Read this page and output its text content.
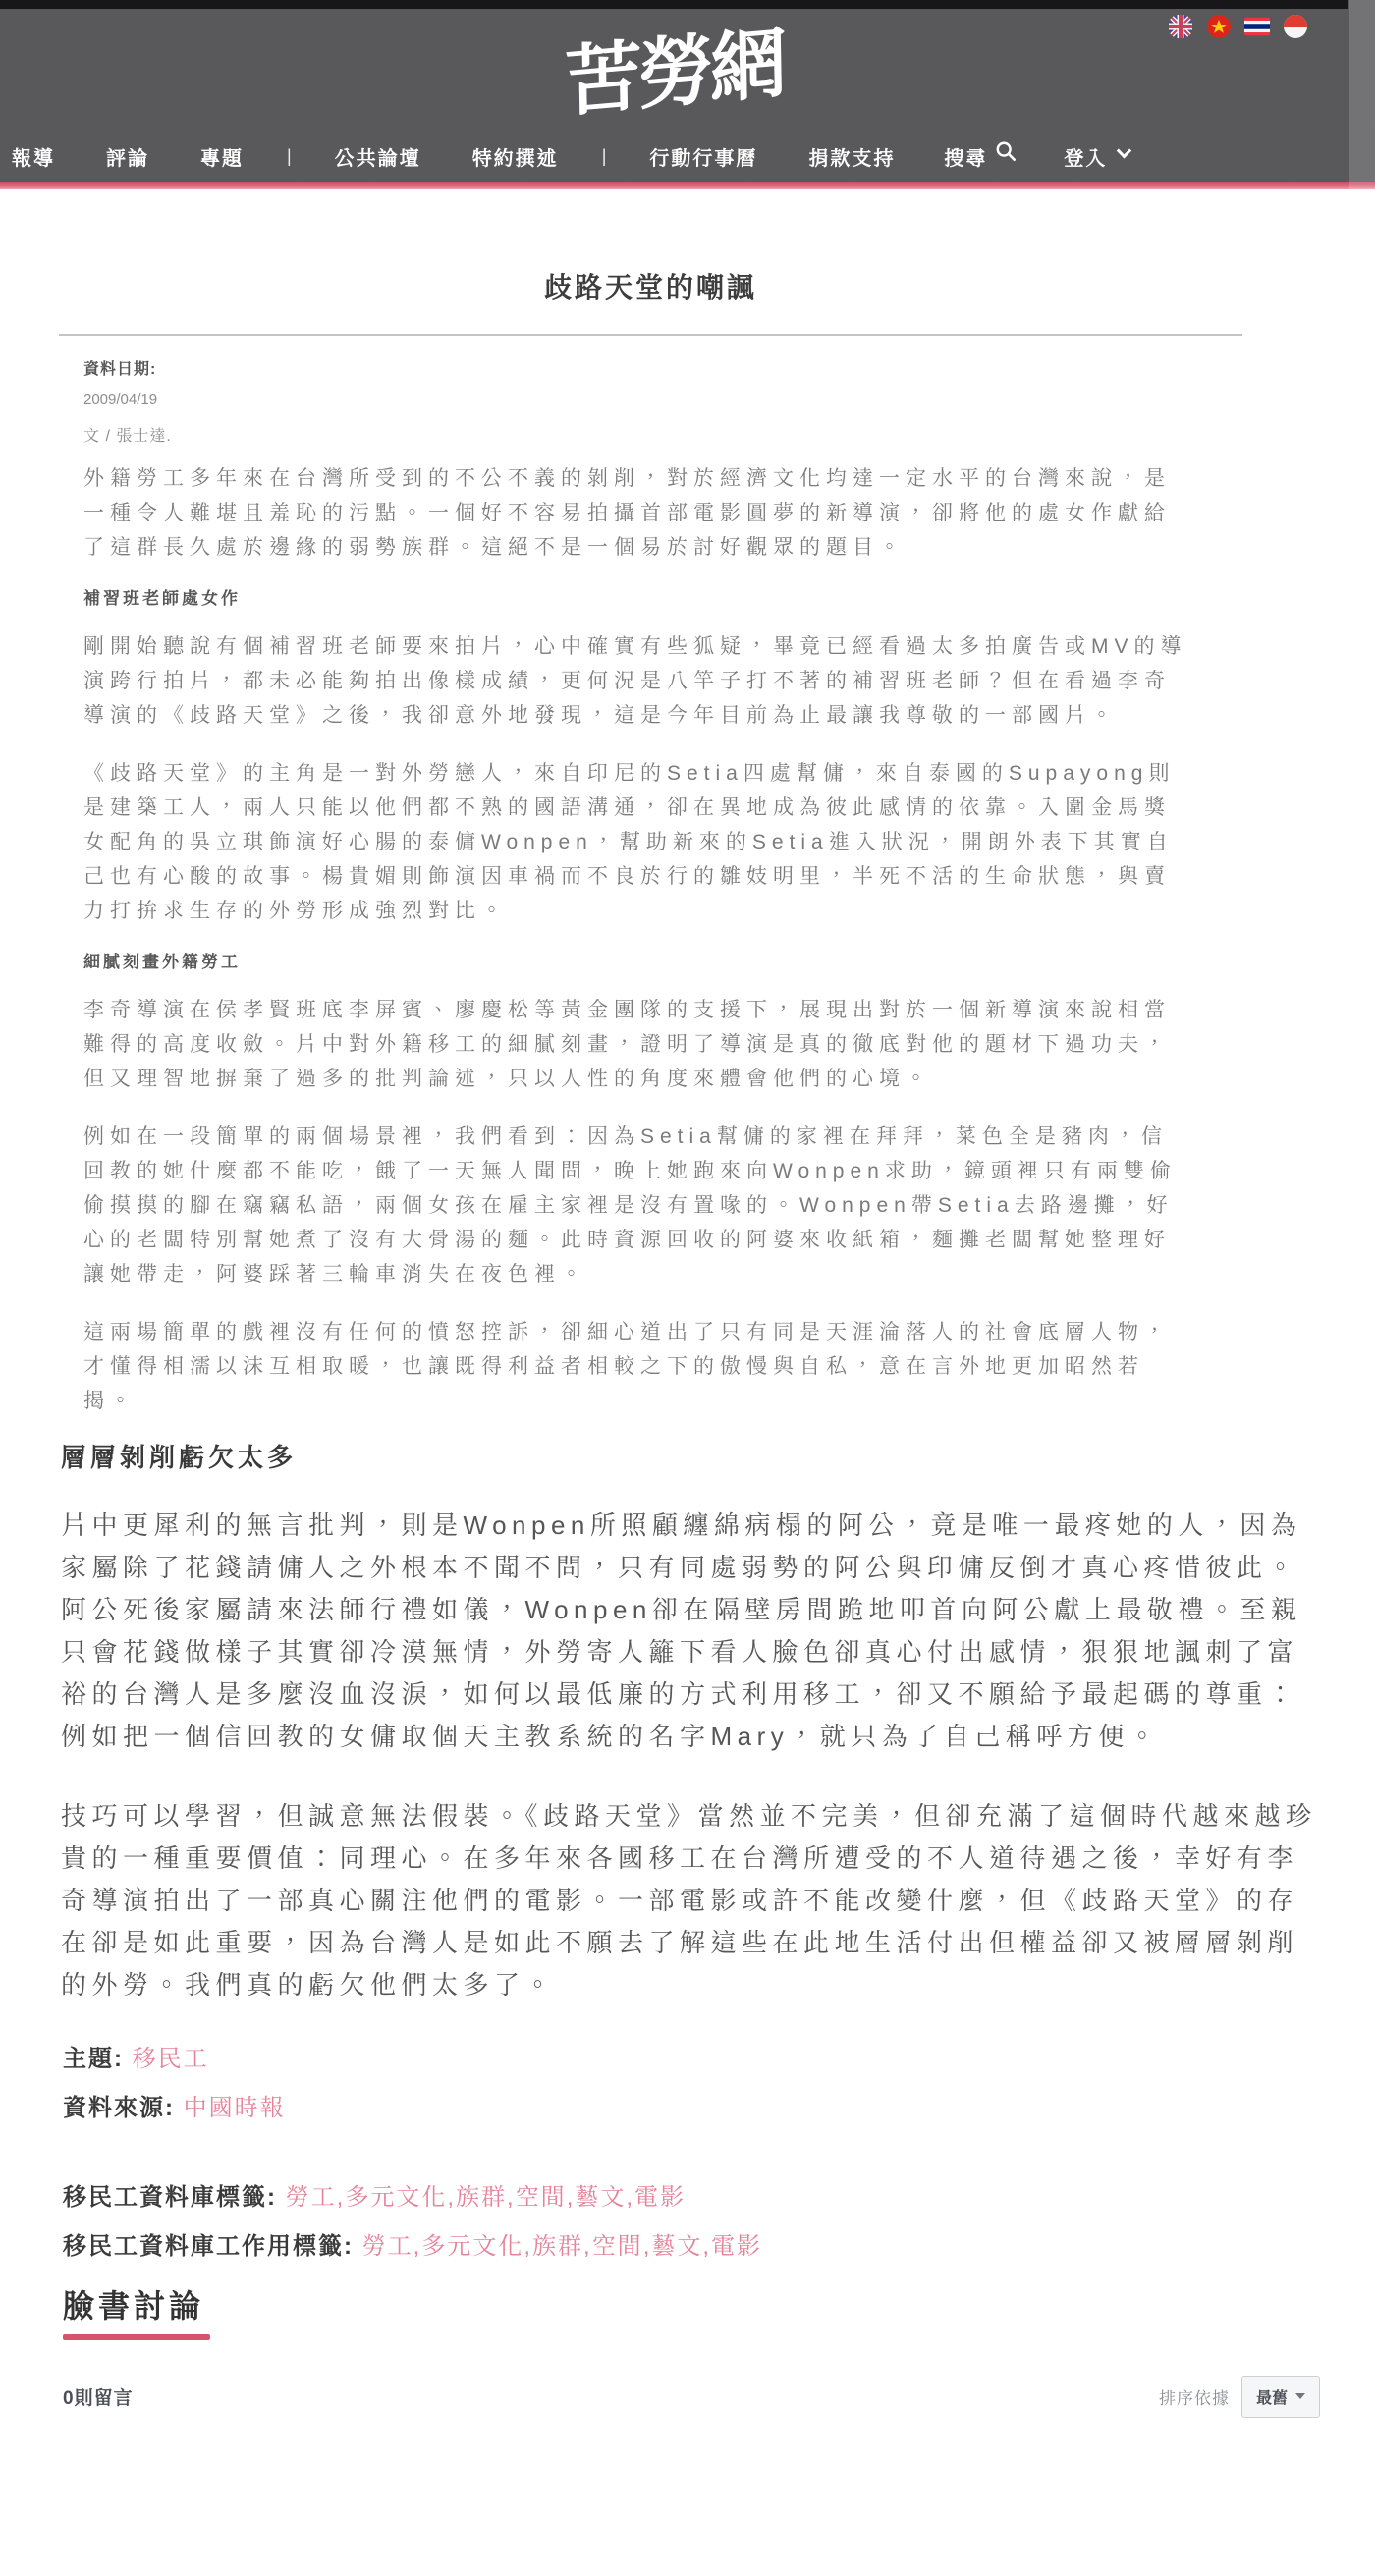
苦勞網
報導	評論	專題	|	公共論壇	特約撰述	|	行動行事曆	捐款支持	搜尋	登入
歧路天堂的嘲諷
資料日期:
2009/04/19
文 / 張士達.

外籍勞工多年來在台灣所受到的不公不義的剝削，對於經濟文化均達一定水平的台灣來說，是一種令人難堪且羞恥的污點。一個好不容易拍攝首部電影圓夢的新導演，卻將他的處女作獻給了這群長久處於邊緣的弱勢族群。這絕不是一個易於討好觀眾的題目。

補習班老師處女作

剛開始聽說有個補習班老師要來拍片，心中確實有些狐疑，畢竟已經看過太多拍廣告或MV的導演跨行拍片，都未必能夠拍出像樣成績，更何況是八竿子打不著的補習班老師？但在看過李奇導演的《歧路天堂》之後，我卻意外地發現，這是今年目前為止最讓我尊敬的一部國片。

《歧路天堂》的主角是一對外勞戀人，來自印尼的Setia四處幫傭，來自泰國的Supayong則是建築工人，兩人只能以他們都不熟的國語溝通，卻在異地成為彼此感情的依靠。入圍金馬獎女配角的吳立琪飾演好心腸的泰傭Wonpen，幫助新來的Setia進入狀況，開朗外表下其實自己也有心酸的故事。楊貴媚則飾演因車禍而不良於行的雛妓明里，半死不活的生命狀態，與賣力打拚求生存的外勞形成強烈對比。

細膩刻畫外籍勞工

李奇導演在侯孝賢班底李屏賓、廖慶松等黃金團隊的支援下，展現出對於一個新導演來說相當難得的高度收斂。片中對外籍移工的細膩刻畫，證明了導演是真的徹底對他的題材下過功夫，但又理智地摒棄了過多的批判論述，只以人性的角度來體會他們的心境。

例如在一段簡單的兩個場景裡，我們看到：因為Setia幫傭的家裡在拜拜，菜色全是豬肉，信回教的她什麼都不能吃，餓了一天無人聞問，晚上她跑來向Wonpen求助，鏡頭裡只有兩雙偷偷摸摸的腳在竊竊私語，兩個女孩在雇主家裡是沒有置喙的。Wonpen帶Setia去路邊攤，好心的老闆特別幫她煮了沒有大骨湯的麵。此時資源回收的阿婆來收紙箱，麵攤老闆幫她整理好讓她帶走，阿婆踩著三輪車消失在夜色裡。

這兩場簡單的戲裡沒有任何的憤怒控訴，卻細心道出了只有同是天涯淪落人的社會底層人物，才懂得相濡以沫互相取暖，也讓既得利益者相較之下的傲慢與自私，意在言外地更加昭然若揭。

層層剝削虧欠太多

片中更犀利的無言批判，則是Wonpen所照顧纏綿病榻的阿公，竟是唯一最疼她的人，因為家屬除了花錢請傭人之外根本不聞不問，只有同處弱勢的阿公與印傭反倒才真心疼惜彼此。阿公死後家屬請來法師行禮如儀，Wonpen卻在隔壁房間跪地叩首向阿公獻上最敬禮。至親只會花錢做樣子其實卻冷漠無情，外勞寄人籬下看人臉色卻真心付出感情，狠狠地諷刺了富裕的台灣人是多麼沒血沒淚，如何以最低廉的方式利用移工，卻又不願給予最起碼的尊重：例如把一個信回教的女傭取個天主教系統的名字Mary，就只為了自己稱呼方便。

技巧可以學習，但誠意無法假裝。《歧路天堂》當然並不完美，但卻充滿了這個時代越來越珍貴的一種重要價值：同理心。在多年來各國移工在台灣所遭受的不人道待遇之後，幸好有李奇導演拍出了一部真心關注他們的電影。一部電影或許不能改變什麼，但《歧路天堂》的存在卻是如此重要，因為台灣人是如此不願去了解這些在此地生活付出但權益卻又被層層剝削的外勞。我們真的虧欠他們太多了。

主題: 移民工
資料來源: 中國時報
移民工資料庫標籤: 勞工 , 多元文化 , 族群 , 空間 , 藝文 , 電影
移民工資料庫工作用標籤: 勞工 , 多元文化 , 族群 , 空間 , 藝文 , 電影
臉書討論
0則留言	排序依據 最舊
